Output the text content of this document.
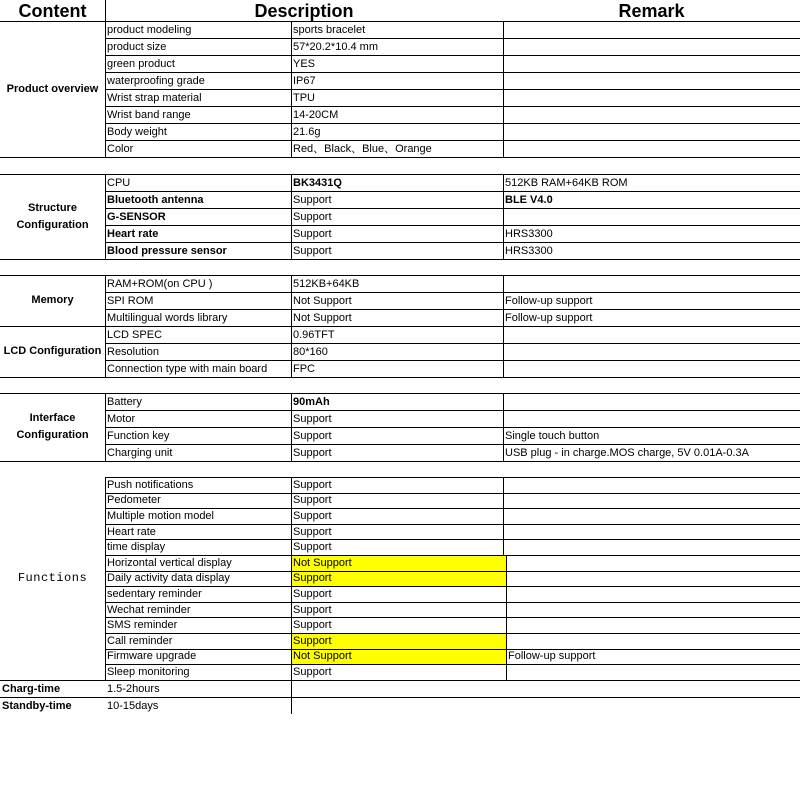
Content	Description	Remark
Product overview
product modeling	sports bracelet
product size	57*20.2*10.4 mm
green product	YES
waterproofing grade	IP67
Wrist strap material	TPU
Wrist band range	14-20CM
Body weight	21.6g
Color	Red、Black、Blue、Orange
Structure Configuration
CPU	BK3431Q	512KB RAM+64KB ROM
Bluetooth antenna	Support	BLE V4.0
G-SENSOR	Support
Heart rate	Support	HRS3300
Blood pressure sensor	Support	HRS3300
Memory
RAM+ROM(on CPU )	512KB+64KB
SPI ROM	Not Support	Follow-up support
Multilingual words library	Not Support	Follow-up support
LCD Configuration
LCD SPEC	0.96TFT
Resolution	80*160
Connection type with main board	FPC
Interface Configuration
Battery	90mAh
Motor	Support
Function key	Support	Single touch button
Charging unit	Support	USB plug - in charge.MOS charge, 5V 0.01A-0.3A
Functions
Push notifications	Support
Pedometer	Support
Multiple motion model	Support
Heart rate	Support
time display	Support
Horizontal vertical display	Not Support
Daily activity data display	Support
sedentary reminder	Support
Wechat reminder	Support
SMS reminder	Support
Call reminder	Support
Firmware upgrade	Not Support	Follow-up support
Sleep monitoring	Support
Charg-time	1.5-2hours
Standby-time	10-15days
